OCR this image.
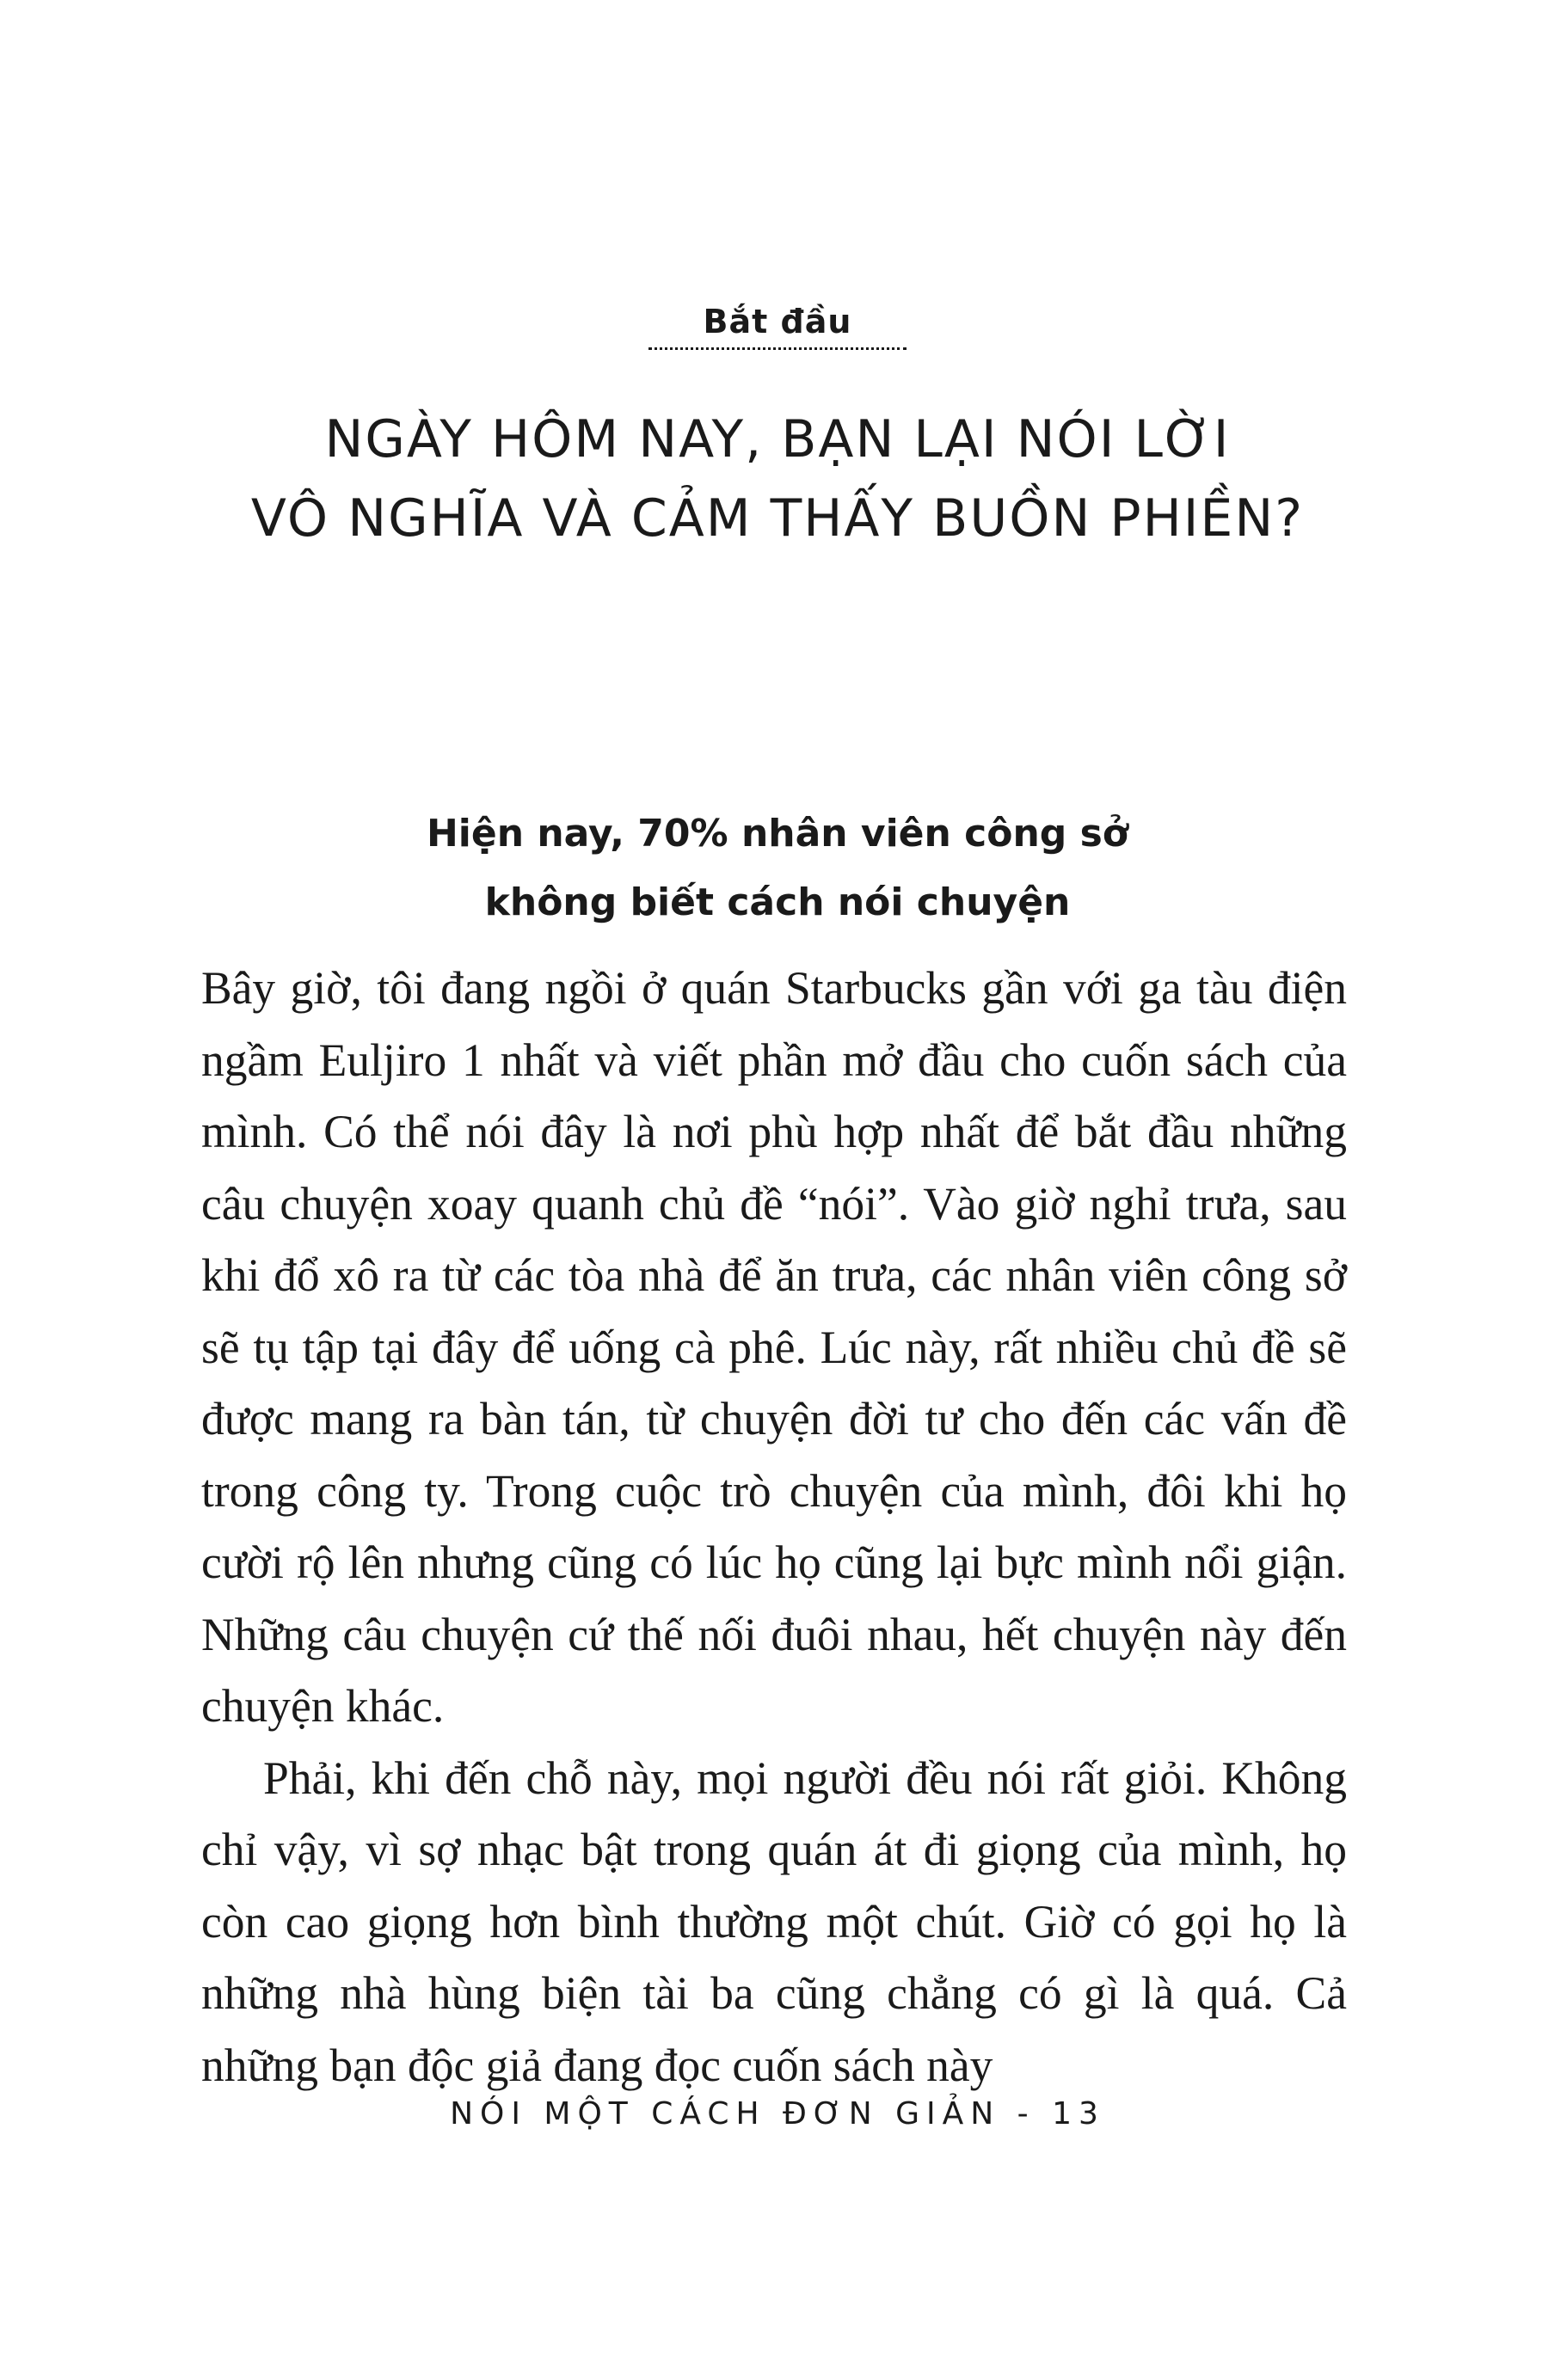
Bắt đầu
NGÀY HÔM NAY, BẠN LẠI NÓI LỜI
VÔ NGHĨA VÀ CẢM THẤY BUỒN PHIỀN?
Hiện nay, 70% nhân viên công sở
không biết cách nói chuyện

Bây giờ, tôi đang ngồi ở quán Starbucks gần với ga tàu điện ngầm Euljiro 1 nhất và viết phần mở đầu cho cuốn sách của mình. Có thể nói đây là nơi phù hợp nhất để bắt đầu những câu chuyện xoay quanh chủ đề “nói”. Vào giờ nghỉ trưa, sau khi đổ xô ra từ các tòa nhà để ăn trưa, các nhân viên công sở sẽ tụ tập tại đây để uống cà phê. Lúc này, rất nhiều chủ đề sẽ được mang ra bàn tán, từ chuyện đời tư cho đến các vấn đề trong công ty. Trong cuộc trò chuyện của mình, đôi khi họ cười rộ lên nhưng cũng có lúc họ cũng lại bực mình nổi giận. Những câu chuyện cứ thế nối đuôi nhau, hết chuyện này đến chuyện khác.

Phải, khi đến chỗ này, mọi người đều nói rất giỏi. Không chỉ vậy, vì sợ nhạc bật trong quán át đi giọng của mình, họ còn cao giọng hơn bình thường một chút. Giờ có gọi họ là những nhà hùng biện tài ba cũng chẳng có gì là quá. Cả những bạn độc giả đang đọc cuốn sách này

NÓI MỘT CÁCH ĐƠN GIẢN - 13
